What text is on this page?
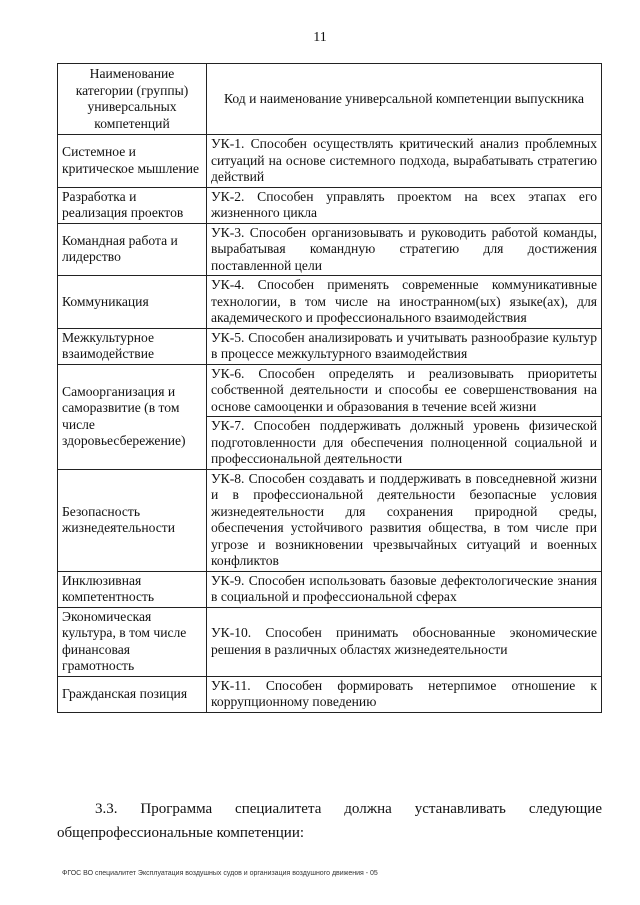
11
Наименование категории (группы) универсальных компетенций	Код и наименование универсальной компетенции выпускника
Системное и критическое мышление	УК-1. Способен осуществлять критический анализ проблемных ситуаций на основе системного подхода, вырабатывать стратегию действий
Разработка и реализация проектов	УК-2. Способен управлять проектом на всех этапах его жизненного цикла
Командная работа и лидерство	УК-3. Способен организовывать и руководить работой команды, вырабатывая командную стратегию для достижения поставленной цели
Коммуникация	УК-4. Способен применять современные коммуникативные технологии, в том числе на иностранном(ых) языке(ах), для академического и профессионального взаимодействия
Межкультурное взаимодействие	УК-5. Способен анализировать и учитывать разнообразие культур в процессе межкультурного взаимодействия
Самоорганизация и саморазвитие (в том числе здоровьесбережение)	УК-6. Способен определять и реализовывать приоритеты собственной деятельности и способы ее совершенствования на основе самооценки и образования в течение всей жизни
	УК-7. Способен поддерживать должный уровень физической подготовленности для обеспечения полноценной социальной и профессиональной деятельности
Безопасность жизнедеятельности	УК-8. Способен создавать и поддерживать в повседневной жизни и в профессиональной деятельности безопасные условия жизнедеятельности для сохранения природной среды, обеспечения устойчивого развития общества, в том числе при угрозе и возникновении чрезвычайных ситуаций и военных конфликтов
Инклюзивная компетентность	УК-9. Способен использовать базовые дефектологические знания в социальной и профессиональной сферах
Экономическая культура, в том числе финансовая грамотность	УК-10. Способен принимать обоснованные экономические решения в различных областях жизнедеятельности
Гражданская позиция	УК-11. Способен формировать нетерпимое отношение к коррупционному поведению
3.3. Программа специалитета должна устанавливать следующие
общепрофессиональные компетенции:
ФГОС ВО специалитет Эксплуатация воздушных судов и организация воздушного движения - 05
